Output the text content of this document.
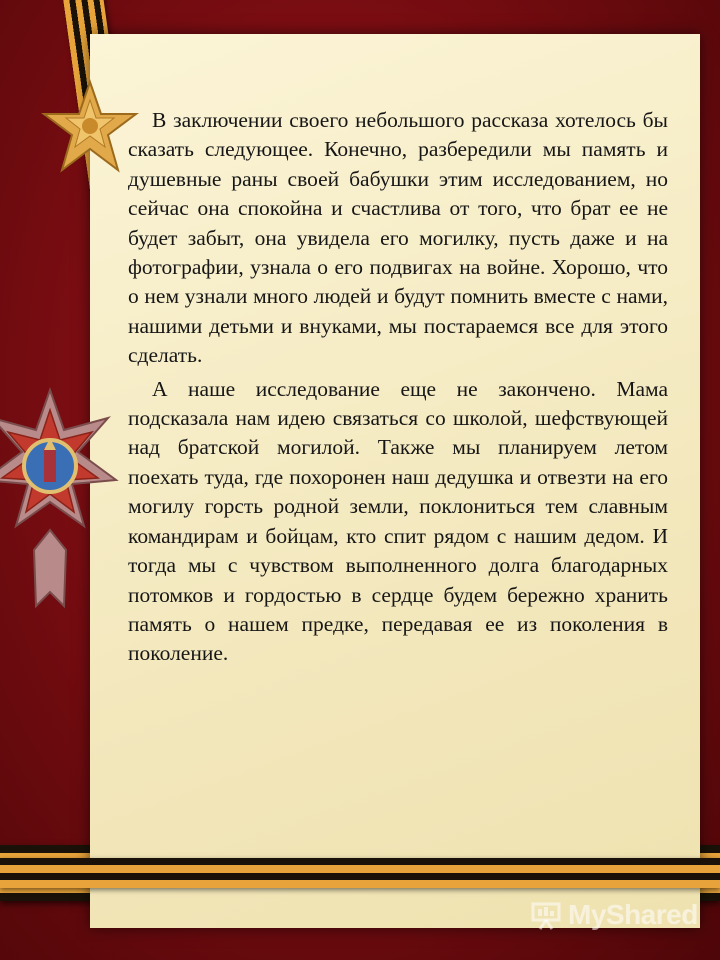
В заключении своего небольшого рассказа хотелось бы сказать следующее. Конечно, разбередили мы память и душевные раны своей бабушки этим исследованием, но сейчас она спокойна и счастлива от того, что брат ее не будет забыт, она увидела его могилку, пусть даже и на фотографии, узнала о его подвигах на войне. Хорошо, что о нем узнали много людей и будут помнить вместе с нами, нашими детьми и внуками, мы постараемся все для этого сделать.

А наше исследование еще не закончено. Мама подсказала нам идею связаться со школой, шефствующей над братской могилой. Также мы планируем летом поехать туда, где похоронен наш дедушка и отвезти на его могилу горсть родной земли, поклониться тем славным командирам и бойцам, кто спит рядом с нашим дедом. И тогда мы с чувством выполненного долга благодарных потомков и гордостью в сердце будем бережно хранить память о нашем предке, передавая ее из поколения в поколение.

MyShared
